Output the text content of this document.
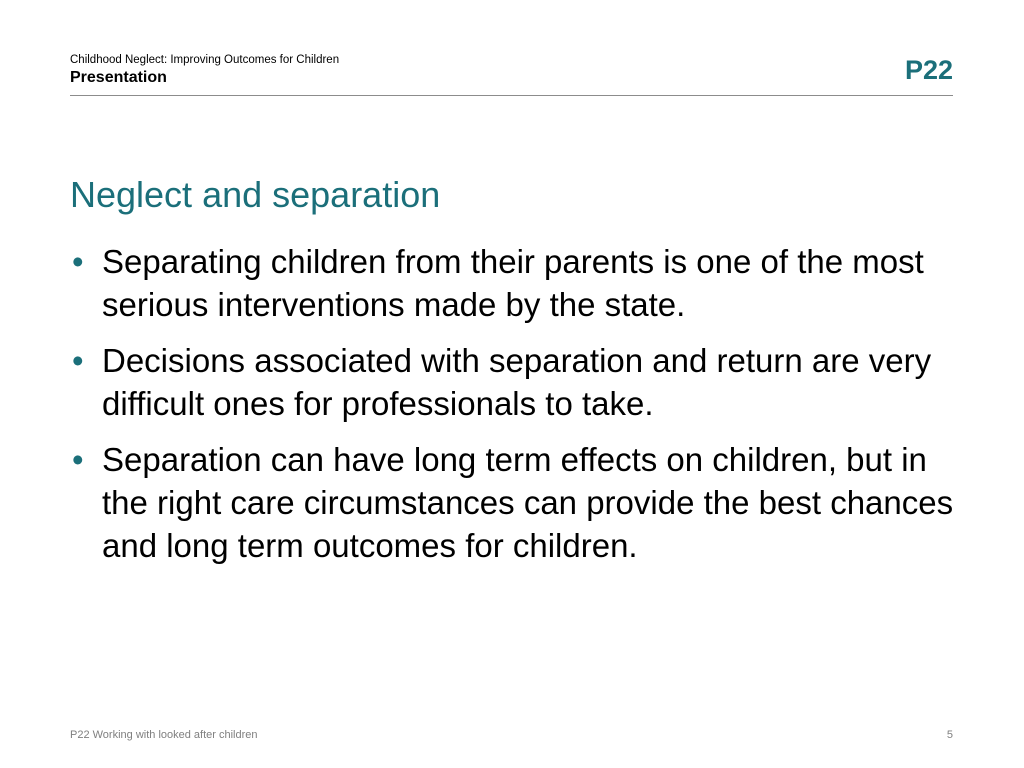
Childhood Neglect: Improving Outcomes for Children
Presentation	P22
Neglect and separation
• Separating children from their parents is one of the most serious interventions made by the state.
• Decisions associated with separation and return are very difficult ones for professionals to take.
• Separation can have long term effects on children, but in the right care circumstances can provide the best chances and long term outcomes for children.
P22 Working with looked after children	5
